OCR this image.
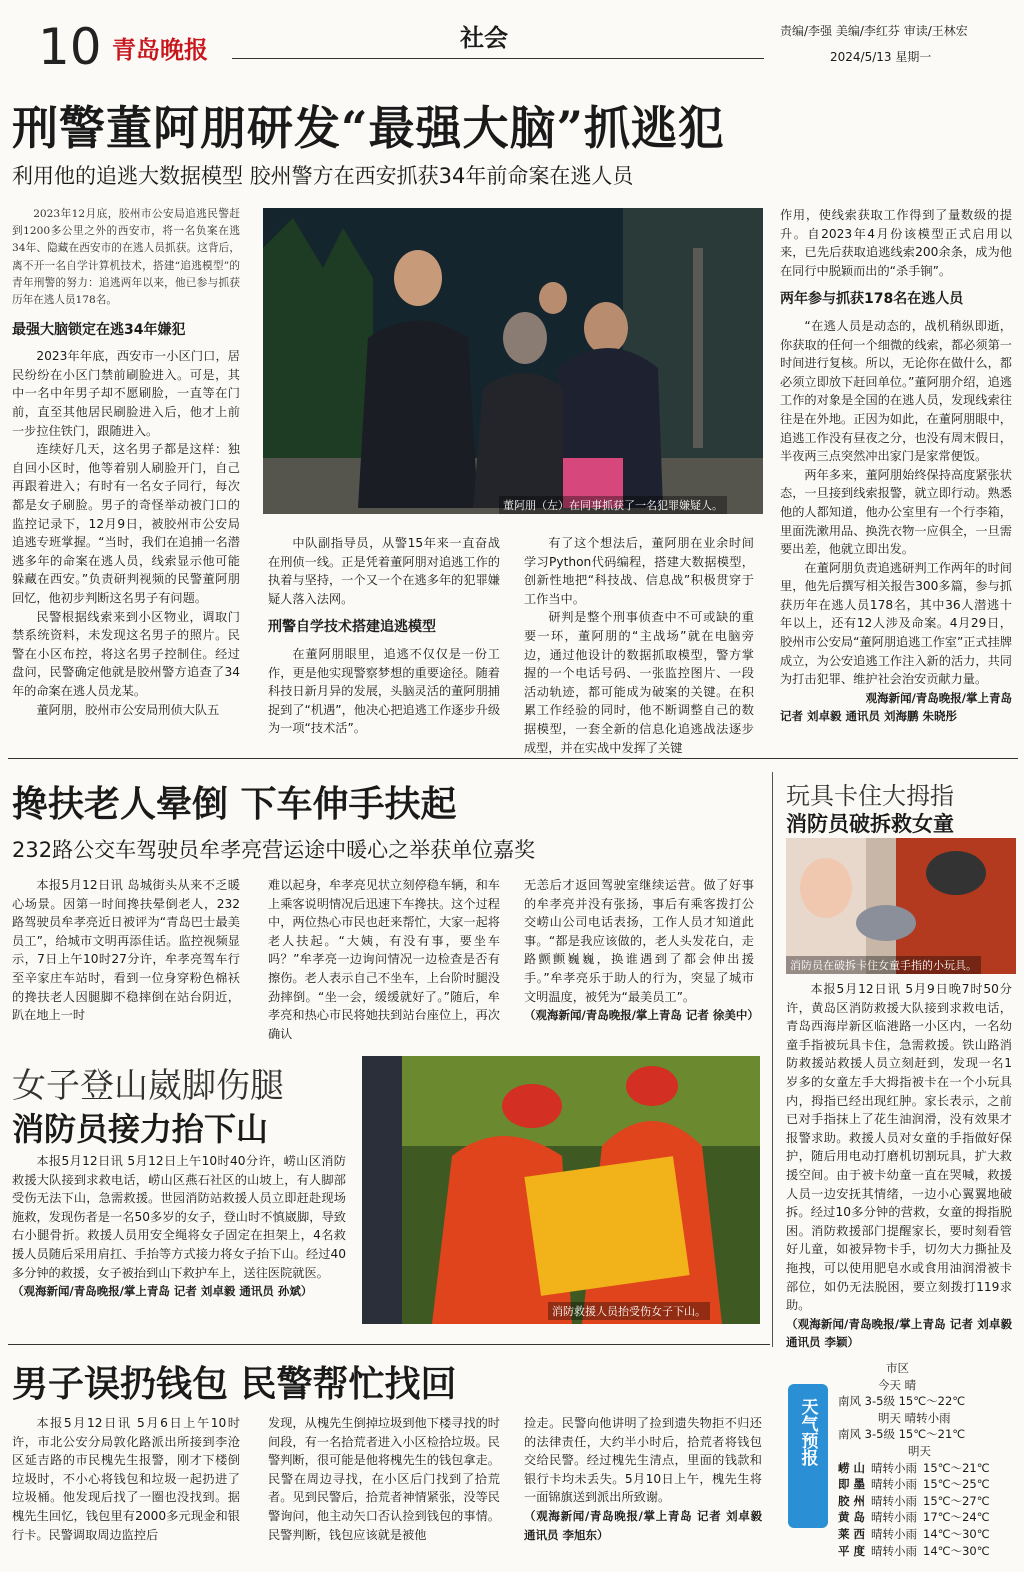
10 青岛晚报	社会	责编/李强 美编/李红芬 审读/王林宏
2024/5/13 星期一
刑警董阿朋研发“最强大脑”抓逃犯
利用他的追逃大数据模型 胶州警方在西安抓获34年前命案在逃人员
2023年12月底，胶州市公安局追逃民警赶到1200多公里之外的西安市，将一名负案在逃34年、隐藏在西安市的在逃人员抓获。这背后，离不开一名自学计算机技术，搭建“追逃模型”的青年刑警的努力：追逃两年以来，他已参与抓获历年在逃人员178名。
最强大脑锁定在逃34年嫌犯

2023年年底，西安市一小区门口，居民纷纷在小区门禁前刷脸进入。可是，其中一名中年男子却不愿刷脸，一直等在门前，直至其他居民刷脸进入后，他才上前一步拉住铁门，跟随进入。

连续好几天，这名男子都是这样：独自回小区时，他等着别人刷脸开门，自己再跟着进入；有时有一名女子同行，每次都是女子刷脸。男子的奇怪举动被门口的监控记录下，12月9日，被胶州市公安局追逃专班掌握。“当时，我们在追捕一名潜逃多年的命案在逃人员，线索显示他可能躲藏在西安。”负责研判视频的民警董阿朋回忆，他初步判断这名男子有问题。

民警根据线索来到小区物业，调取门禁系统资料，未发现这名男子的照片。民警在小区布控，将这名男子控制住。经过盘问，民警确定他就是胶州警方追查了34年的命案在逃人员龙某。

董阿朋，胶州市公安局刑侦大队五

董阿朋（左）在同事抓获了一名犯罪嫌疑人。

中队副指导员，从警15年来一直奋战在刑侦一线。正是凭着董阿朋对追逃工作的执着与坚持，一个又一个在逃多年的犯罪嫌疑人落入法网。

刑警自学技术搭建追逃模型

在董阿朋眼里，追逃不仅仅是一份工作，更是他实现警察梦想的重要途径。随着科技日新月异的发展，头脑灵活的董阿朋捕捉到了“机遇”，他决心把追逃工作逐步升级为一项“技术活”。

有了这个想法后，董阿朋在业余时间学习Python代码编程，搭建大数据模型，创新性地把“科技战、信息战”积极贯穿于工作当中。

研判是整个刑事侦查中不可或缺的重要一环，董阿朋的“主战场”就在电脑旁边，通过他设计的数据抓取模型，警方掌握的一个电话号码、一张监控图片、一段活动轨迹，都可能成为破案的关键。在积累工作经验的同时，他不断调整自己的数据模型，一套全新的信息化追逃战法逐步成型，并在实战中发挥了关键

作用，使线索获取工作得到了量数级的提升。自2023年4月份该模型正式启用以来，已先后获取追逃线索200余条，成为他在同行中脱颖而出的“杀手锏”。

两年参与抓获178名在逃人员

“在逃人员是动态的，战机稍纵即逝，你获取的任何一个细微的线索，都必须第一时间进行复核。所以，无论你在做什么，都必须立即放下赶回单位。”董阿朋介绍，追逃工作的对象是全国的在逃人员，发现线索往往是在外地。正因为如此，在董阿朋眼中，追逃工作没有昼夜之分，也没有周末假日，半夜两三点突然冲出家门是家常便饭。

两年多来，董阿朋始终保持高度紧张状态，一旦接到线索报警，就立即行动。熟悉他的人都知道，他办公室里有一个行李箱，里面洗漱用品、换洗衣物一应俱全，一旦需要出差，他就立即出发。

在董阿朋负责追逃研判工作两年的时间里，他先后撰写相关报告300多篇，参与抓获历年在逃人员178名，其中36人潜逃十年以上，还有12人涉及命案。4月29日，胶州市公安局“董阿朋追逃工作室”正式挂牌成立，为公安追逃工作注入新的活力，共同为打击犯罪、维护社会治安贡献力量。

观海新闻/青岛晚报/掌上青岛
记者 刘卓毅 通讯员 刘海鹏 朱晓彤
搀扶老人晕倒 下车伸手扶起
232路公交车驾驶员牟孝亮营运途中暖心之举获单位嘉奖

本报5月12日讯 岛城街头从来不乏暖心场景。因第一时间搀扶晕倒老人，232路驾驶员牟孝亮近日被评为“青岛巴士最美员工”，给城市文明再添佳话。监控视频显示，7日上午10时27分许，牟孝亮驾车行至辛家庄车站时，看到一位身穿粉色棉袄的搀扶老人因腿脚不稳摔倒在站台阴近，趴在地上一时

难以起身，牟孝亮见状立刻停稳车辆，和车上乘客说明情况后迅速下车搀扶。这个过程中，两位热心市民也赶来帮忙，大家一起将老人扶起。“大姨，有没有事，要坐车吗？”牟孝亮一边询问情况一边检查是否有擦伤。老人表示自己不坐车，上台阶时腿没劲摔倒。“坐一会，缓缓就好了。”随后，牟孝亮和热心市民将她扶到站台座位上，再次确认

无恙后才返回驾驶室继续运营。做了好事的牟孝亮并没有张扬，事后有乘客拨打公交崂山公司电话表扬，工作人员才知道此事。“都是我应该做的，老人头发花白，走路颤颤巍巍，换谁遇到了都会伸出援手。”牟孝亮乐于助人的行为，突显了城市文明温度，被凭为“最美员工”。

（观海新闻/青岛晚报/掌上青岛 记者 徐美中）
玩具卡住大拇指
消防员破拆救女童
消防员在破拆卡住女童手指的小玩具。

本报5月12日讯 5月9日晚7时50分许，黄岛区消防救援大队接到求救电话，青岛西海岸新区临港路一小区内，一名幼童手指被玩具卡住，急需救援。铁山路消防救援站救援人员立刻赶到，发现一名1岁多的女童左手大拇指被卡在一个小玩具内，拇指已经出现红肿。家长表示，之前已对手指抹上了花生油润滑，没有效果才报警求助。救援人员对女童的手指做好保护，随后用电动打磨机切割玩具，扩大救援空间。由于被卡幼童一直在哭喊，救援人员一边安抚其情绪，一边小心翼翼地破拆。经过10多分钟的营救，女童的拇指脱困。消防救援部门提醒家长，要时刻看管好儿童，如被异物卡手，切勿大力撕扯及拖拽，可以使用肥皂水或食用油润滑被卡部位，如仍无法脱困，要立刻拨打119求助。

（观海新闻/青岛晚报/掌上青岛 记者 刘卓毅 通讯员 李颖）
女子登山崴脚伤腿
消防员接力抬下山

本报5月12日讯 5月12日上午10时40分许，崂山区消防救援大队接到求救电话，崂山区燕石社区的山坡上，有人脚部受伤无法下山，急需救援。世园消防站救援人员立即赶赴现场施救，发现伤者是一名50多岁的女子，登山时不慎崴脚，导致右小腿骨折。救援人员用安全绳将女子固定在担架上，4名救援人员随后采用肩扛、手抬等方式接力将女子抬下山。经过40多分钟的救援，女子被抬到山下救护车上，送往医院就医。

（观海新闻/青岛晚报/掌上青岛 记者 刘卓毅 通讯员 孙斌）
消防救援人员抬受伤女子下山。
男子误扔钱包 民警帮忙找回

本报5月12日讯 5月6日上午10时许，市北公安分局敦化路派出所接到李沧区延吉路的市民槐先生报警，刚才下楼倒垃圾时，不小心将钱包和垃圾一起扔进了垃圾桶。他发现后找了一圈也没找到。据槐先生回忆，钱包里有2000多元现金和银行卡。民警调取周边监控后

发现，从槐先生倒掉垃圾到他下楼寻找的时间段，有一名拾荒者进入小区检拾垃圾。民警判断，很可能是他将槐先生的钱包拿走。民警在周边寻找，在小区后门找到了拾荒者。见到民警后，拾荒者神情紧张，没等民警询问，他主动矢口否认捡到钱包的事情。民警判断，钱包应该就是被他

捡走。民警向他讲明了捡到遗失物拒不归还的法律责任，大约半小时后，拾荒者将钱包交给民警。经过槐先生清点，里面的钱款和银行卡均未丢失。5月10日上午，槐先生将一面锦旗送到派出所致谢。

（观海新闻/青岛晚报/掌上青岛 记者 刘卓毅 通讯员 李旭东）
天气预报
市区
今天 晴
南风 3-5级 15℃～22℃
明天 晴转小雨
南风 3-5级 15℃～21℃
明天
崂 山 晴转小雨 15℃～21℃
即 墨 晴转小雨 15℃～25℃
胶 州 晴转小雨 15℃～27℃
黄 岛 晴转小雨 17℃～24℃
莱 西 晴转小雨 14℃～30℃
平 度 晴转小雨 14℃～30℃
